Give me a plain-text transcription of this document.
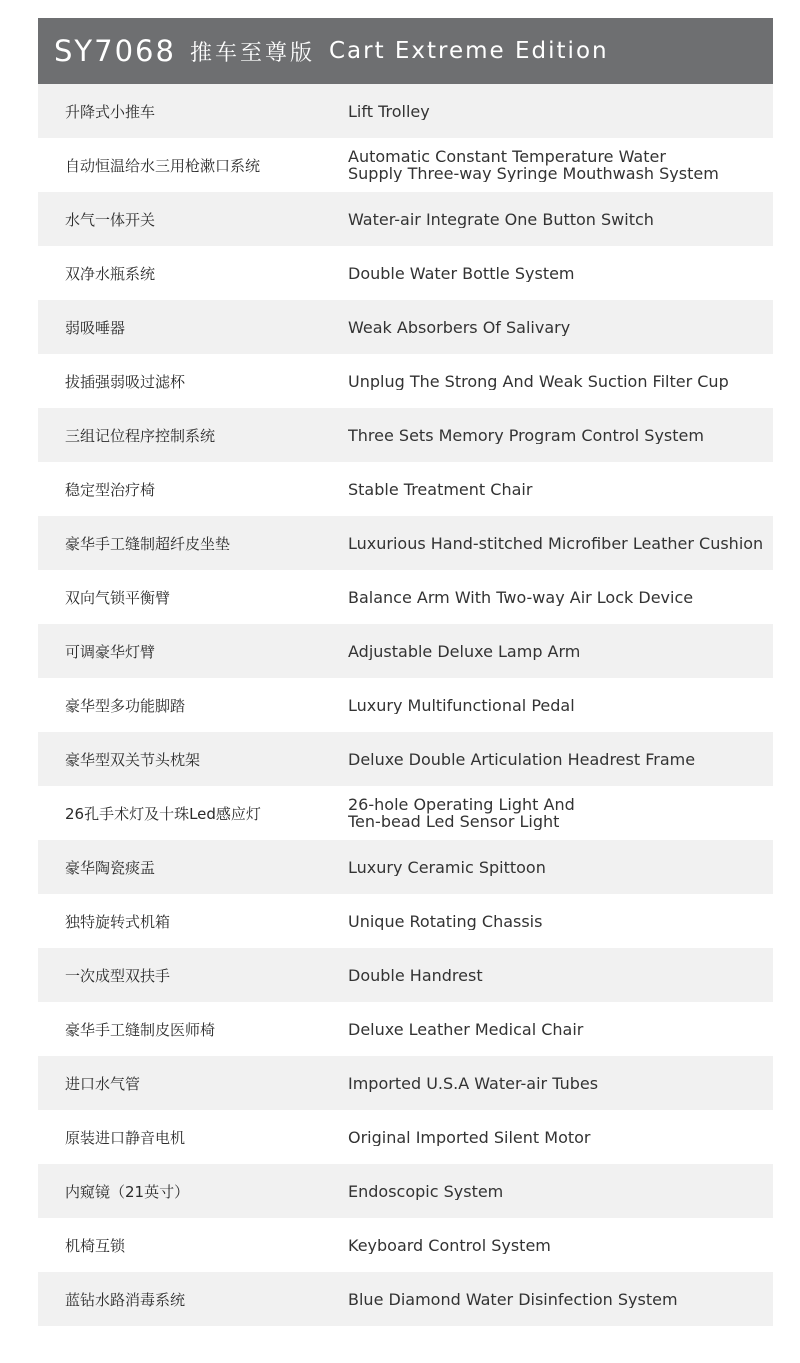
SY7068 推车至尊版 Cart Extreme Edition
升降式小推车	Lift Trolley
自动恒温给水三用枪漱口系统	Automatic Constant Temperature Water
Supply Three-way Syringe Mouthwash System
水气一体开关	Water-air Integrate One Button Switch
双净水瓶系统	Double Water Bottle System
弱吸唾器	Weak Absorbers Of Salivary
拔插强弱吸过滤杯	Unplug The Strong And Weak Suction Filter Cup
三组记位程序控制系统	Three Sets Memory Program Control System
稳定型治疗椅	Stable Treatment Chair
豪华手工缝制超纤皮坐垫	Luxurious Hand-stitched Microfiber Leather Cushion
双向气锁平衡臂	Balance Arm With Two-way Air Lock Device
可调豪华灯臂	Adjustable Deluxe Lamp Arm
豪华型多功能脚踏	Luxury Multifunctional Pedal
豪华型双关节头枕架	Deluxe Double Articulation Headrest Frame
26孔手术灯及十珠Led感应灯	26-hole Operating Light And
Ten-bead Led Sensor Light
豪华陶瓷痰盂	Luxury Ceramic Spittoon
独特旋转式机箱	Unique Rotating Chassis
一次成型双扶手	Double Handrest
豪华手工缝制皮医师椅	Deluxe Leather Medical Chair
进口水气管	Imported U.S.A Water-air Tubes
原装进口静音电机	Original Imported Silent Motor
内窥镜（21英寸）	Endoscopic System
机椅互锁	Keyboard Control System
蓝钻水路消毒系统	Blue Diamond Water Disinfection System
